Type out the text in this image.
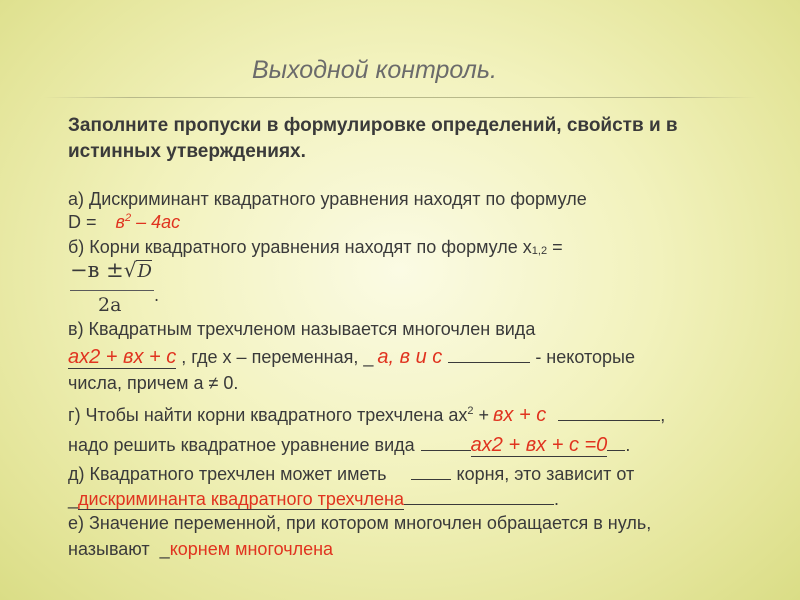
Выходной контроль.
Заполните пропуски в формулировке определений, свойств и в истинных утверждениях.
а) Дискриминант квадратного уравнения находят по формуле
$D = в^2 - 4ас$
б) Корни квадратного уравнения находят по формуле x1,2 =
−в ±√D
2a .
в) Квадратным трехчленом называется многочлен вида
ах2 + вх + с , где x – переменная, _ а, в и с	- некоторые
числа, причем а ≠ 0.
г) Чтобы найти корни квадратного трехчлена $ах^2$ + вх + с	,
надо решить квадратное уравнение вида	ах2 + вх + с =0 .
д) Квадратного трехчлен может иметь	корня, это зависит от
_дискриминанта квадратного трехчлена	.
е) Значение переменной, при котором многочлен обращается в нуль,
называют _корнем многочлена
